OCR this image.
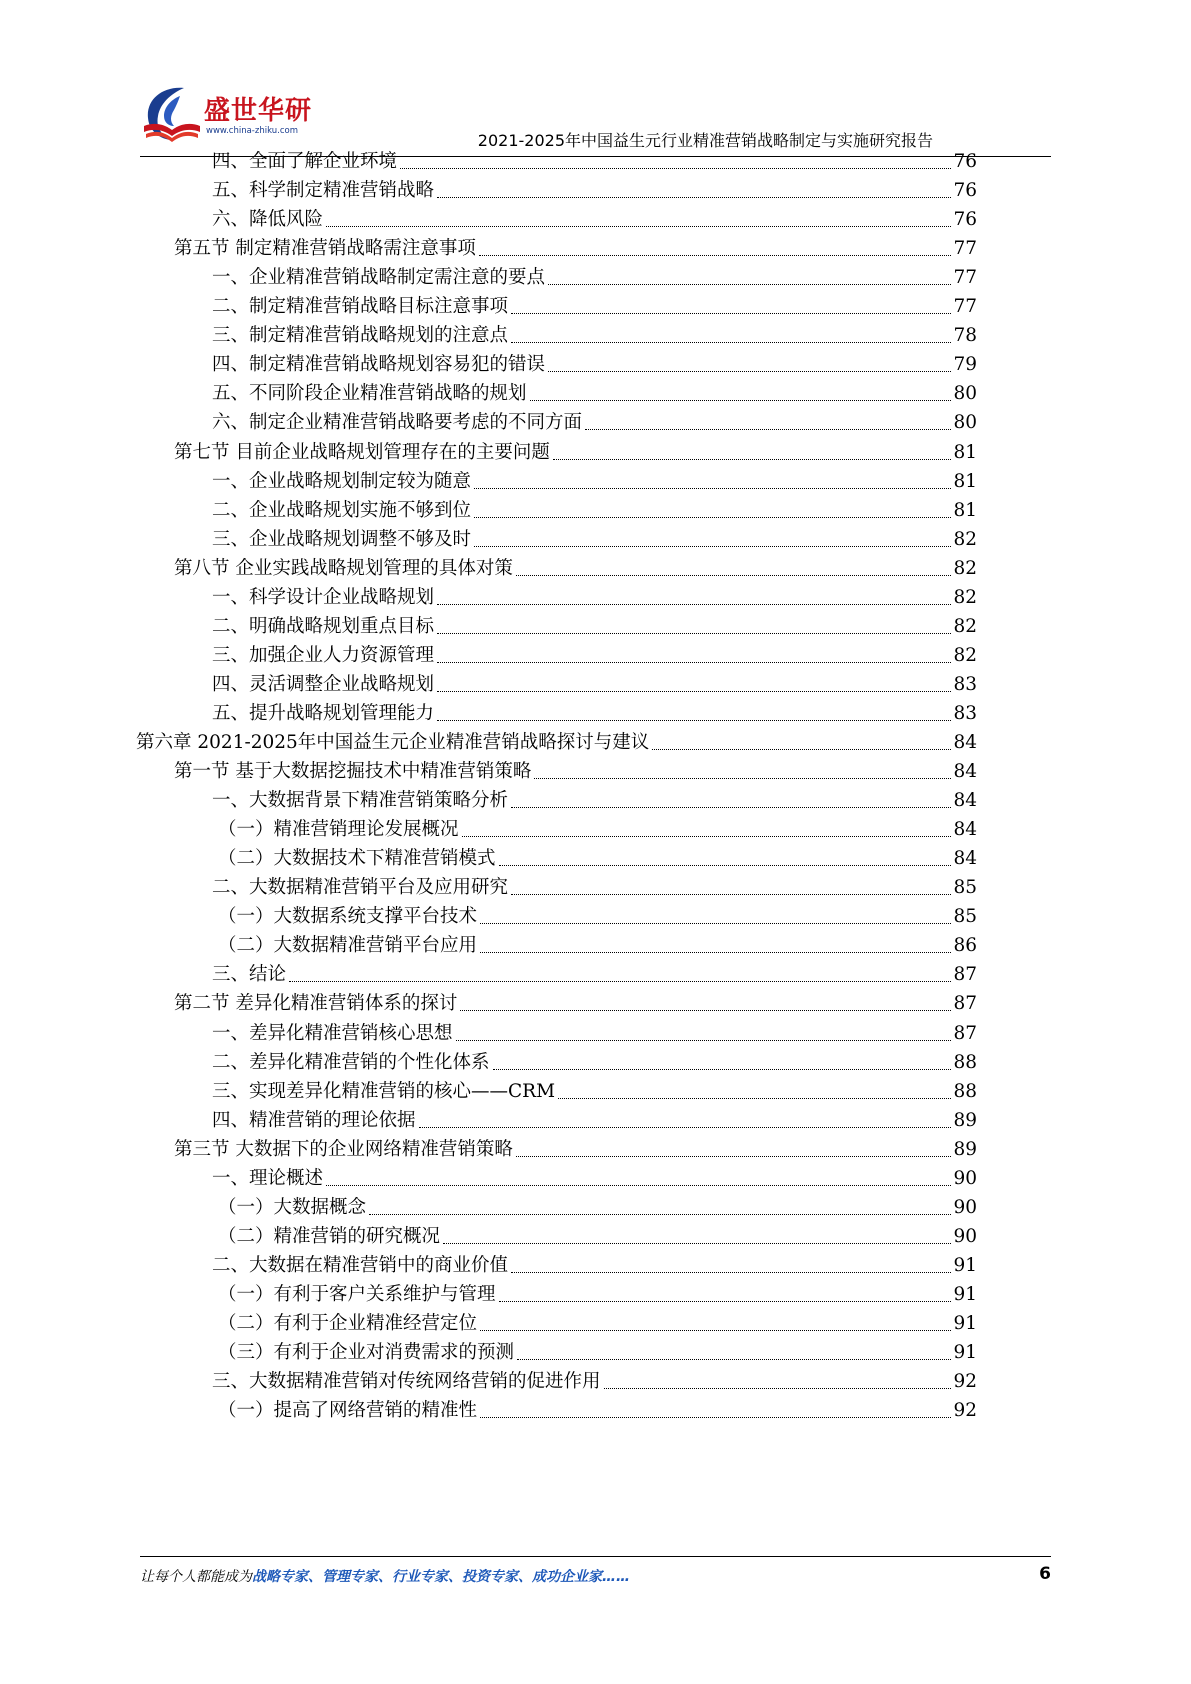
盛世华研
www.china-zhiku.com	2021-2025年中国益生元行业精准营销战略制定与实施研究报告
四、全面了解企业环境	76
五、科学制定精准营销战略	76
六、降低风险	76
第五节 制定精准营销战略需注意事项	77
一、企业精准营销战略制定需注意的要点	77
二、制定精准营销战略目标注意事项	77
三、制定精准营销战略规划的注意点	78
四、制定精准营销战略规划容易犯的错误	79
五、不同阶段企业精准营销战略的规划	80
六、制定企业精准营销战略要考虑的不同方面	80
第七节 目前企业战略规划管理存在的主要问题	81
一、企业战略规划制定较为随意	81
二、企业战略规划实施不够到位	81
三、企业战略规划调整不够及时	82
第八节 企业实践战略规划管理的具体对策	82
一、科学设计企业战略规划	82
二、明确战略规划重点目标	82
三、加强企业人力资源管理	82
四、灵活调整企业战略规划	83
五、提升战略规划管理能力	83
第六章 2021-2025年中国益生元企业精准营销战略探讨与建议	84
第一节 基于大数据挖掘技术中精准营销策略	84
一、大数据背景下精准营销策略分析	84
（一）精准营销理论发展概况	84
（二）大数据技术下精准营销模式	84
二、大数据精准营销平台及应用研究	85
（一）大数据系统支撑平台技术	85
（二）大数据精准营销平台应用	86
三、结论	87
第二节 差异化精准营销体系的探讨	87
一、差异化精准营销核心思想	87
二、差异化精准营销的个性化体系	88
三、实现差异化精准营销的核心——CRM	88
四、精准营销的理论依据	89
第三节 大数据下的企业网络精准营销策略	89
一、理论概述	90
（一）大数据概念	90
（二）精准营销的研究概况	90
二、大数据在精准营销中的商业价值	91
（一）有利于客户关系维护与管理	91
（二）有利于企业精准经营定位	91
（三）有利于企业对消费需求的预测	91
三、大数据精准营销对传统网络营销的促进作用	92
（一）提高了网络营销的精准性	92
让每个人都能成为战略专家、管理专家、行业专家、投资专家、成功企业家……	6
